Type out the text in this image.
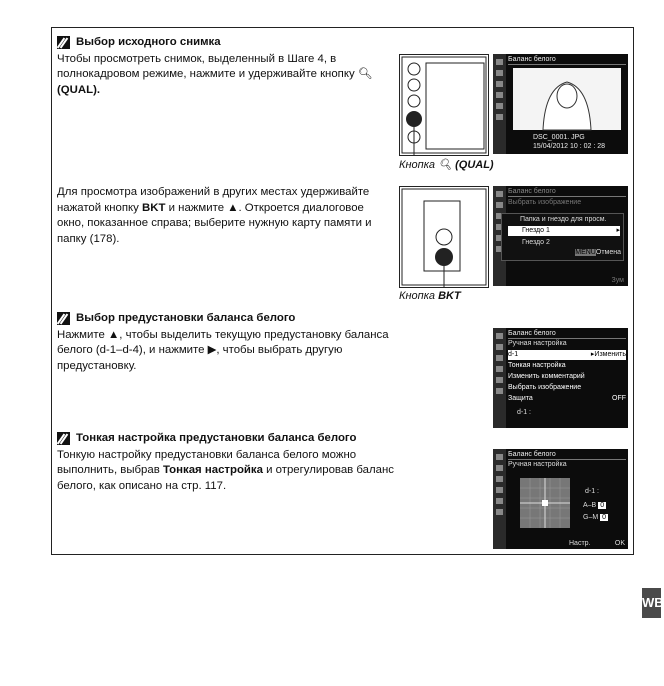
Выбор исходного снимка
Чтобы просмотреть снимок, выделенный в Шаге 4, в полнокадровом режиме, нажмите и удерживайте кнопку 🔍︎ (QUAL).
Кнопка 🔍︎ (QUAL)
Баланс белого
DSC_0001. JPG
15/04/2012 10 : 02 : 28
Для просмотра изображений в других местах удерживайте нажатой кнопку BKT и нажмите ▲. Откроется диалоговое окно, показанное справа; выберите нужную карту памяти и папку (178).
Кнопка BKT
Баланс белого
Выбрать изображение
Папка и гнездо для просм.
Гнездо 1	▸
Гнездо 2
MENUОтмена
Зум
Выбор предустановки баланса белого
Нажмите ▲, чтобы выделить текущую предустановку баланса белого (d-1–d-4), и нажмите ▶, чтобы выбрать другую предустановку.
Баланс белого
Ручная настройка
d-1	▸Изменить
Тонкая настройка
Изменить комментарий
Выбрать изображение
Защита	OFF
d-1 :
Тонкая настройка предустановки баланса белого
Тонкую настройку предустановки баланса белого можно выполнить, выбрав Тонкая настройка и отрегулировав баланс белого, как описано на стр. 117.
Баланс белого
Ручная настройка
d-1 :
A–B 0
G–M 0
Настр.	OK
WB
